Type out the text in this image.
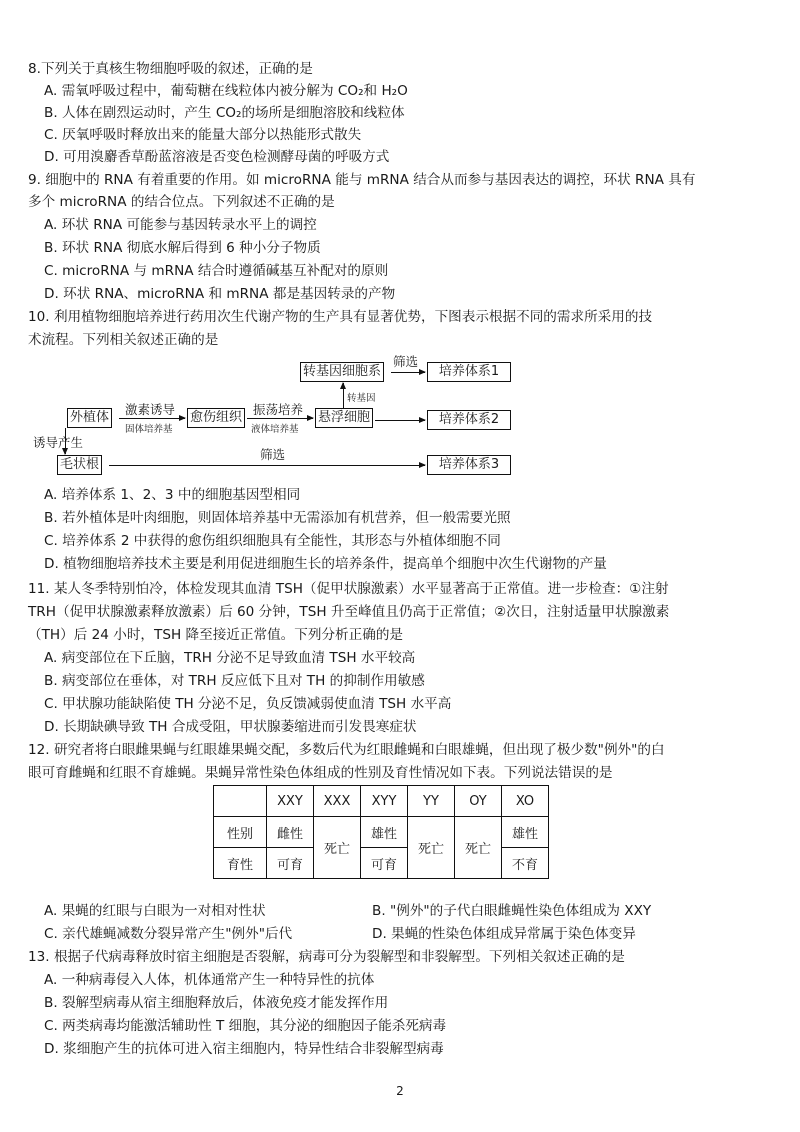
8.下列关于真核生物细胞呼吸的叙述，正确的是
A. 需氧呼吸过程中，葡萄糖在线粒体内被分解为 CO₂和 H₂O
B. 人体在剧烈运动时，产生 CO₂的场所是细胞溶胶和线粒体
C. 厌氧呼吸时释放出来的能量大部分以热能形式散失
D. 可用溴麝香草酚蓝溶液是否变色检测酵母菌的呼吸方式
9. 细胞中的 RNA 有着重要的作用。如 microRNA 能与 mRNA 结合从而参与基因表达的调控，环状 RNA 具有
多个 microRNA 的结合位点。下列叙述不正确的是
A. 环状 RNA 可能参与基因转录水平上的调控
B. 环状 RNA 彻底水解后得到 6 种小分子物质
C. microRNA 与 mRNA 结合时遵循碱基互补配对的原则
D. 环状 RNA、microRNA 和 mRNA 都是基因转录的产物
10. 利用植物细胞培养进行药用次生代谢产物的生产具有显著优势，下图表示根据不同的需求所采用的技
术流程。下列相关叙述正确的是
外植体	愈伤组织	悬浮细胞
转基因细胞系	培养体系1
培养体系2
培养体系3
毛状根
激素诱导
固体培养基
振荡培养
液体培养基
筛选
转基因
诱导产生
筛选
A. 培养体系 1、2、3 中的细胞基因型相同
B. 若外植体是叶肉细胞，则固体培养基中无需添加有机营养，但一般需要光照
C. 培养体系 2 中获得的愈伤组织细胞具有全能性，其形态与外植体细胞不同
D. 植物细胞培养技术主要是利用促进细胞生长的培养条件，提高单个细胞中次生代谢物的产量
11. 某人冬季特别怕冷，体检发现其血清 TSH（促甲状腺激素）水平显著高于正常值。进一步检查：①注射
TRH（促甲状腺激素释放激素）后 60 分钟，TSH 升至峰值且仍高于正常值；②次日，注射适量甲状腺激素
（TH）后 24 小时，TSH 降至接近正常值。下列分析正确的是
A. 病变部位在下丘脑，TRH 分泌不足导致血清 TSH 水平较高
B. 病变部位在垂体，对 TRH 反应低下且对 TH 的抑制作用敏感
C. 甲状腺功能缺陷使 TH 分泌不足，负反馈减弱使血清 TSH 水平高
D. 长期缺碘导致 TH 合成受阻，甲状腺萎缩进而引发畏寒症状
12. 研究者将白眼雌果蝇与红眼雄果蝇交配，多数后代为红眼雌蝇和白眼雄蝇，但出现了极少数"例外"的白
眼可育雌蝇和红眼不育雄蝇。果蝇异常性染色体组成的性别及育性情况如下表。下列说法错误的是
	XXY	XXX	XYY	YY	OY	XO
性别	雌性	死亡	雄性	死亡	死亡	雄性
育性	可育		可育			不育
A. 果蝇的红眼与白眼为一对相对性状	B. "例外"的子代白眼雌蝇性染色体组成为 XXY
C. 亲代雄蝇减数分裂异常产生"例外"后代	D. 果蝇的性染色体组成异常属于染色体变异
13. 根据子代病毒释放时宿主细胞是否裂解，病毒可分为裂解型和非裂解型。下列相关叙述正确的是
A. 一种病毒侵入人体，机体通常产生一种特异性的抗体
B. 裂解型病毒从宿主细胞释放后，体液免疫才能发挥作用
C. 两类病毒均能激活辅助性 T 细胞，其分泌的细胞因子能杀死病毒
D. 浆细胞产生的抗体可进入宿主细胞内，特异性结合非裂解型病毒
2
